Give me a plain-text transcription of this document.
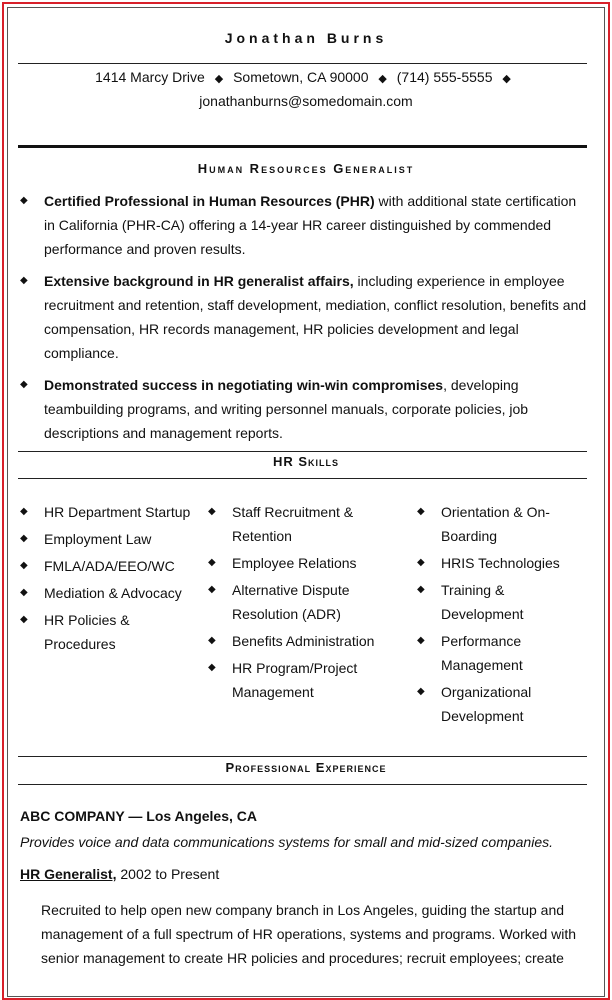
Jonathan Burns
1414 Marcy Drive ◆ Sometown, CA 90000 ◆ (714) 555-5555 ◆
jonathanburns@somedomain.com
Human Resources Generalist
◆ Certified Professional in Human Resources (PHR) with additional state certification in California (PHR-CA) offering a 14-year HR career distinguished by commended performance and proven results.
◆ Extensive background in HR generalist affairs, including experience in employee recruitment and retention, staff development, mediation, conflict resolution, benefits and compensation, HR records management, HR policies development and legal compliance.
◆ Demonstrated success in negotiating win-win compromises, developing teambuilding programs, and writing personnel manuals, corporate policies, job descriptions and management reports.
HR Skills
◆ HR Department Startup
◆ Employment Law
◆ FMLA/ADA/EEO/WC
◆ Mediation & Advocacy
◆ HR Policies & Procedures
◆ Staff Recruitment & Retention
◆ Employee Relations
◆ Alternative Dispute Resolution (ADR)
◆ Benefits Administration
◆ HR Program/Project Management
◆ Orientation & On-Boarding
◆ HRIS Technologies
◆ Training & Development
◆ Performance Management
◆ Organizational Development
Professional Experience
ABC COMPANY — Los Angeles, CA
Provides voice and data communications systems for small and mid-sized companies.
HR Generalist, 2002 to Present
Recruited to help open new company branch in Los Angeles, guiding the startup and management of a full spectrum of HR operations, systems and programs. Worked with senior management to create HR policies and procedures; recruit employees; create
